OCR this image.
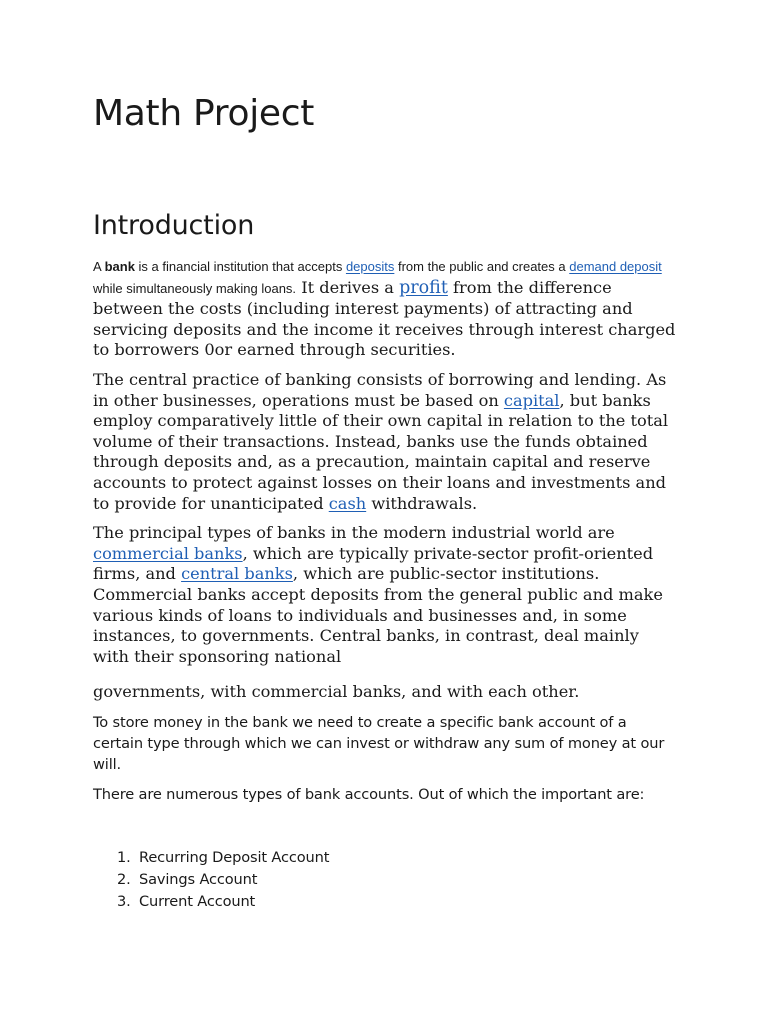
Math Project
Introduction

A bank is a financial institution that accepts deposits from the public and creates a demand deposit while simultaneously making loans. It derives a profit from the difference between the costs (including interest payments) of attracting and servicing deposits and the income it receives through interest charged to borrowers 0or earned through securities.

The central practice of banking consists of borrowing and lending. As in other businesses, operations must be based on capital, but banks employ comparatively little of their own capital in relation to the total volume of their transactions. Instead, banks use the funds obtained through deposits and, as a precaution, maintain capital and reserve accounts to protect against losses on their loans and investments and to provide for unanticipated cash withdrawals.

The principal types of banks in the modern industrial world are commercial banks, which are typically private-sector profit-oriented firms, and central banks, which are public-sector institutions. Commercial banks accept deposits from the general public and make various kinds of loans to individuals and businesses and, in some instances, to governments. Central banks, in contrast, deal mainly with their sponsoring national

governments, with commercial banks, and with each other.

To store money in the bank we need to create a specific bank account of a certain type through which we can invest or withdraw any sum of money at our will.

There are numerous types of bank accounts. Out of which the important are:

1. Recurring Deposit Account
2. Savings Account
3. Current Account
